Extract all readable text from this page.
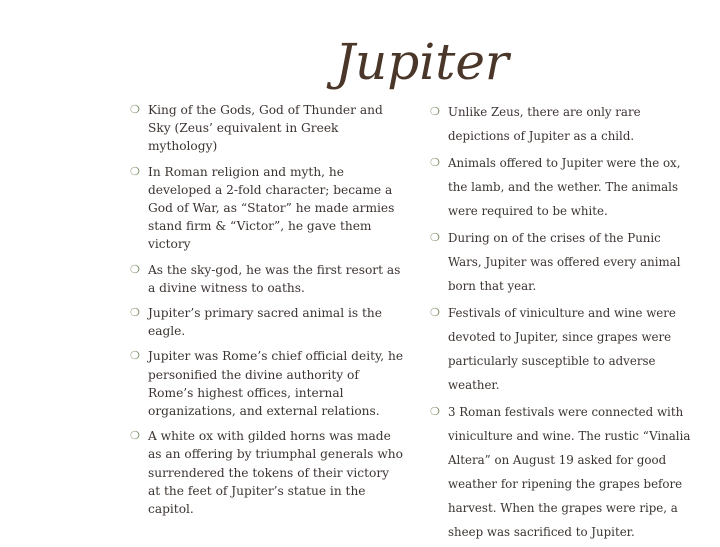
Jupiter
❍ King of the Gods, God of Thunder and Sky (Zeus’ equivalent in Greek mythology)
❍ In Roman religion and myth, he developed a 2-fold character; became a God of War, as “Stator” he made armies stand firm & “Victor”, he gave them victory
❍ As the sky-god, he was the first resort as a divine witness to oaths.
❍ Jupiter’s primary sacred animal is the eagle.
❍ Jupiter was Rome’s chief official deity, he personified the divine authority of Rome’s highest offices, internal organizations, and external relations.
❍ A white ox with gilded horns was made as an offering by triumphal generals who surrendered the tokens of their victory at the feet of Jupiter’s statue in the capitol.
❍ Unlike Zeus, there are only rare depictions of Jupiter as a child.
❍ Animals offered to Jupiter were the ox, the lamb, and the wether. The animals were required to be white.
❍ During on of the crises of the Punic Wars, Jupiter was offered every animal born that year.
❍ Festivals of viniculture and wine were devoted to Jupiter, since grapes were particularly susceptible to adverse weather.
❍ 3 Roman festivals were connected with viniculture and wine. The rustic “Vinalia Altera” on August 19 asked for good weather for ripening the grapes before harvest. When the grapes were ripe, a sheep was sacrificed to Jupiter.
